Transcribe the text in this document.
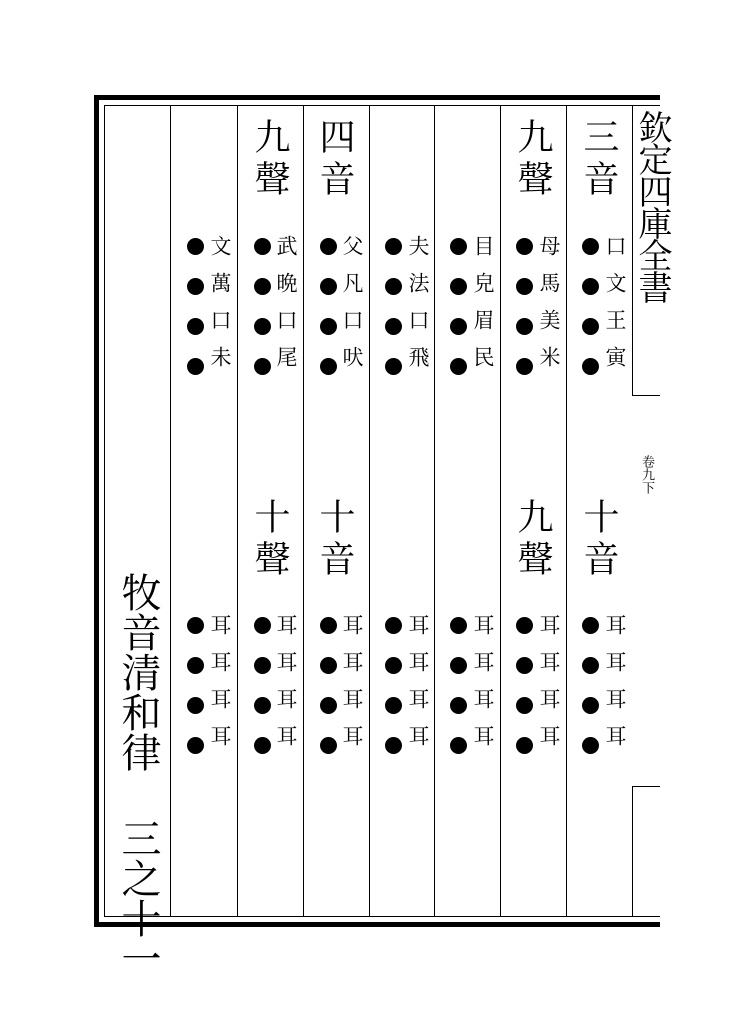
欽定四庫全書
卷九下
牧音清和律 三之十一
三音
口文王寅
十音
耳耳耳耳
九聲
母馬美米
九聲
耳耳耳耳
目皃眉民
耳耳耳耳
夫法口飛
耳耳耳耳
四音
父凡口吠
十音
耳耳耳耳
九聲
武晩口尾
十聲
耳耳耳耳
文萬口未
耳耳耳耳
